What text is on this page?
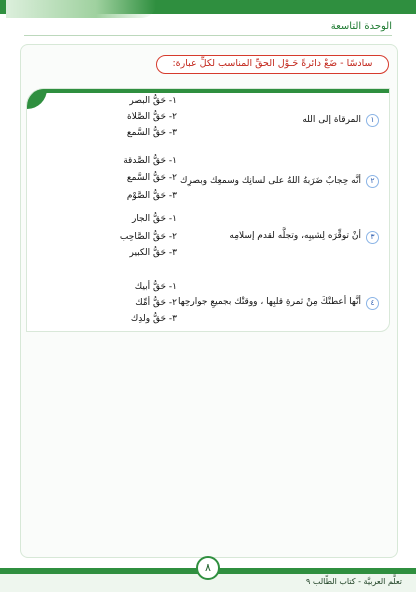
الوحدة التاسعة
سادسًا - ضَعْ دائرةً حَـوْل الحقِّ المناسب لكلِّ عبارة:
١
المرقاة إلى الله
١- حَقُّ البصر
٢- حَقُّ الصَّلاة
٣- حَقُّ السَّمع
٢
أنَّه حِجابٌ ضَرَبهُ اللهُ على لسانِك وسمعِك وبصرِك
١- حَقُّ الصَّدقة
٢- حَقُّ السَّمع
٣- حَقُّ الصَّوْم
٣
أنْ توقِّرَه لِشيبِه، وتجلَّه لقدم إسلامِه
١- حَقُّ الجار
٢- حَقُّ الصَّاحِب
٣- حَقُّ الكبير
٤
أنَّها أعطتْكَ مِنْ ثمرةِ قلبِها ، ووقتْك بجميعِ جوارحِها
١- حَقُّ أبيك
٢- حَقُّ أمِّك
٣- حَقُّ ولدِك
٨
تعلَّم العربيَّة - كتاب الطّالب ٩
